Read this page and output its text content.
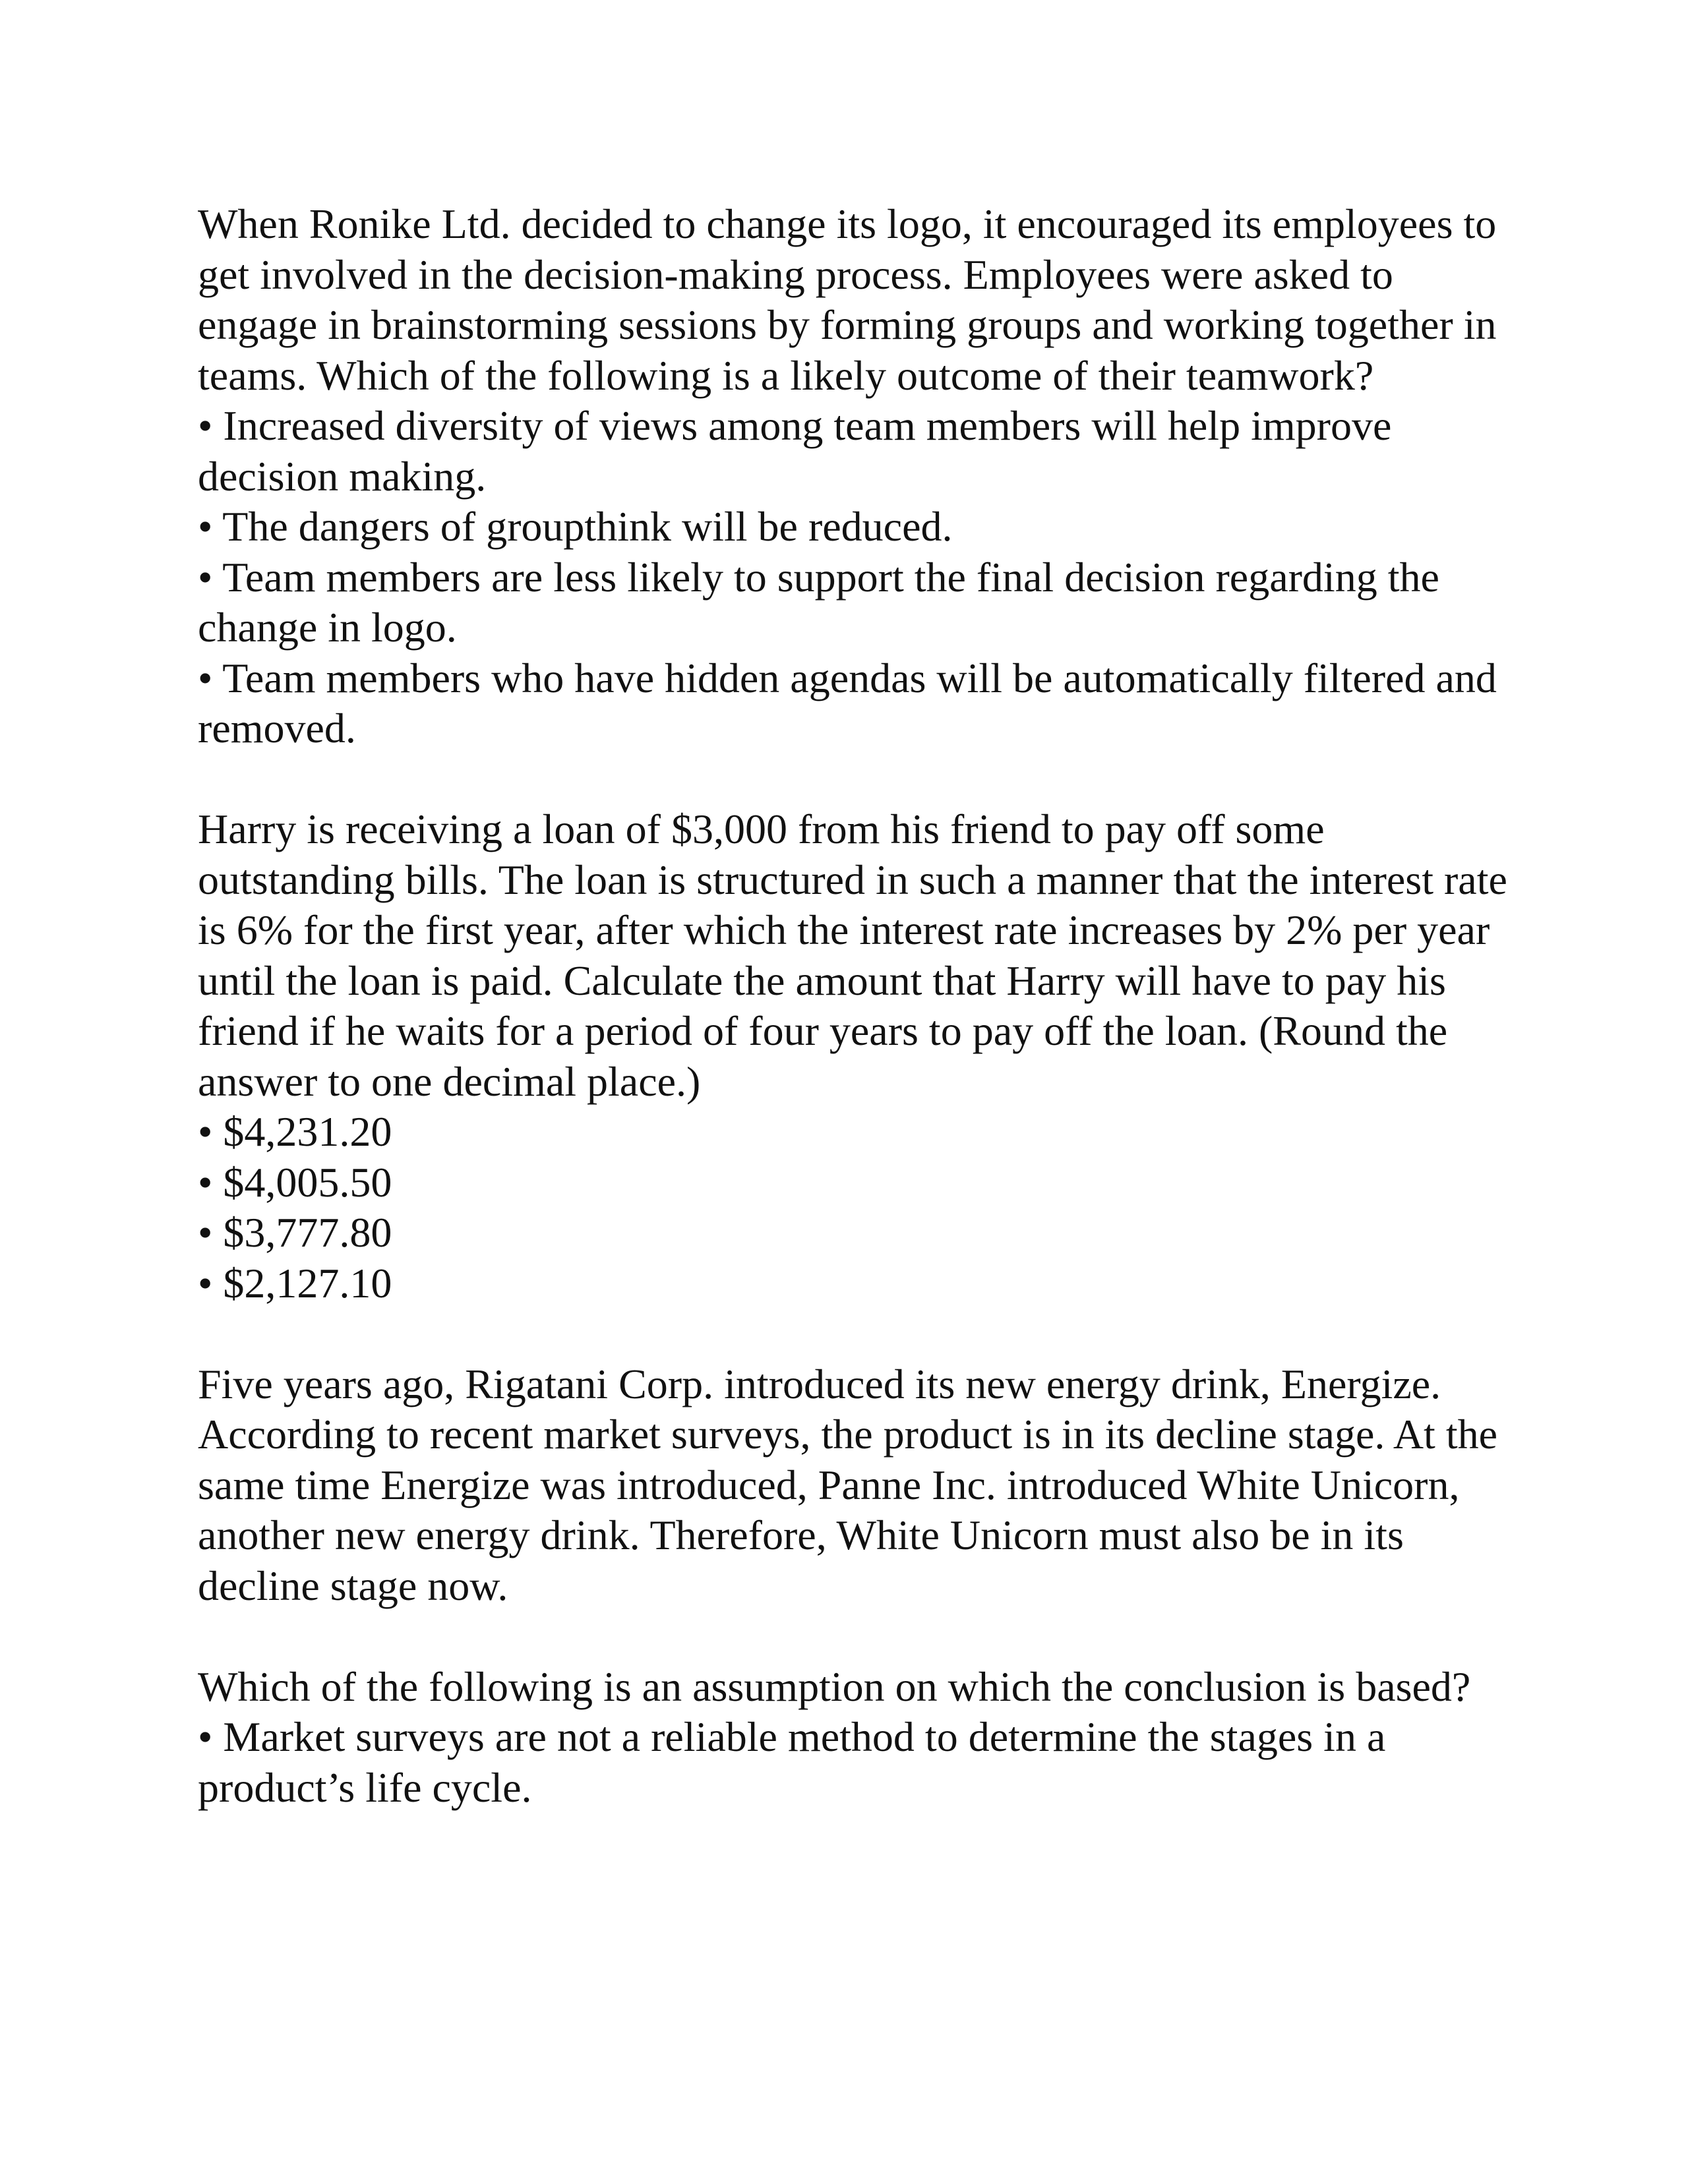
When Ronike Ltd. decided to change its logo, it encouraged its employees to get involved in the decision-making process. Employees were asked to engage in brainstorming sessions by forming groups and working together in teams. Which of the following is a likely outcome of their teamwork?

• Increased diversity of views among team members will help improve decision making.
• The dangers of groupthink will be reduced.
• Team members are less likely to support the final decision regarding the change in logo.
• Team members who have hidden agendas will be automatically filtered and removed.

Harry is receiving a loan of $3,000 from his friend to pay off some outstanding bills. The loan is structured in such a manner that the interest rate is 6% for the first year, after which the interest rate increases by 2% per year until the loan is paid. Calculate the amount that Harry will have to pay his friend if he waits for a period of four years to pay off the loan. (Round the answer to one decimal place.)

• $4,231.20
• $4,005.50
• $3,777.80
• $2,127.10

Five years ago, Rigatani Corp. introduced its new energy drink, Energize. According to recent market surveys, the product is in its decline stage. At the same time Energize was introduced, Panne Inc. introduced White Unicorn, another new energy drink. Therefore, White Unicorn must also be in its decline stage now.

Which of the following is an assumption on which the conclusion is based?

• Market surveys are not a reliable method to determine the stages in a product’s life cycle.
